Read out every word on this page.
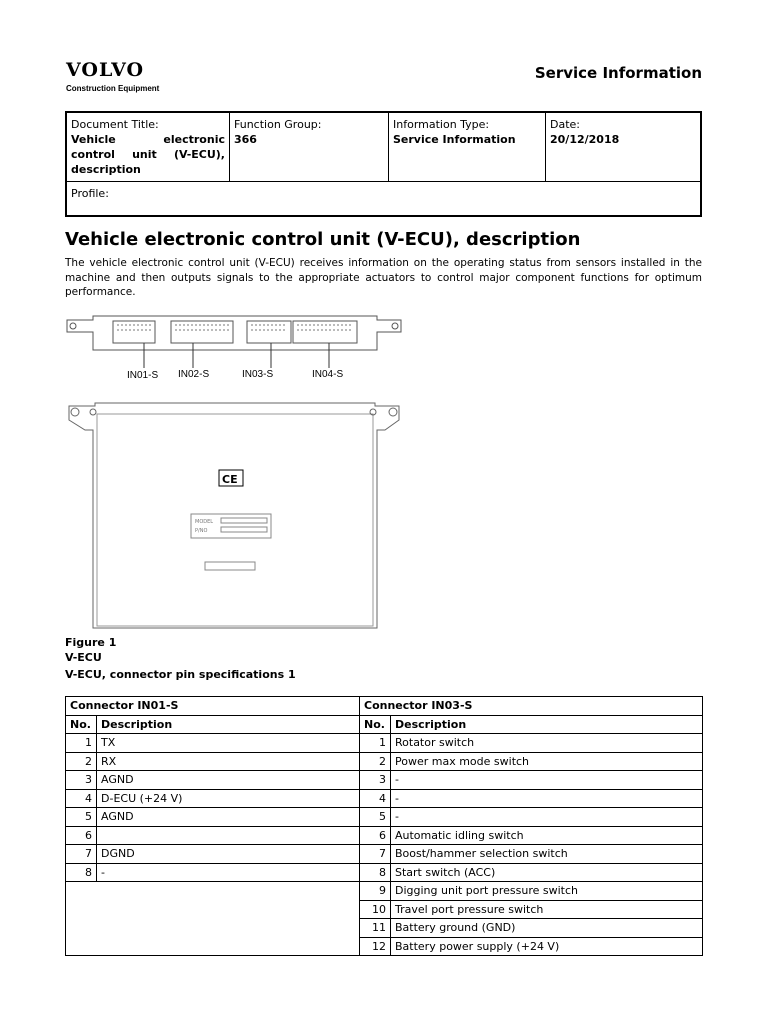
VOLVO
Construction Equipment
Service Information
Document Title:
Vehicle electronic control unit (V-ECU), description

Function Group:
366

Information Type:
Service Information

Date:
20/12/2018

Profile:
Vehicle electronic control unit (V-ECU), description
The vehicle electronic control unit (V-ECU) receives information on the operating status from sensors installed in the machine and then outputs signals to the appropriate actuators to control major component functions for optimum performance.
IN01-S IN02-S	IN03-S	IN04-S
CE
MODEL
P/NO
Figure 1
V-ECU
V-ECU, connector pin specifications 1
Connector IN01-S		Connector IN03-S	
No.	Description	No.	Description
1	TX	1	Rotator switch
2	RX	2	Power max mode switch
3	AGND	3	-
4	D-ECU (+24 V)	4	-
5	AGND	5	-
6		6	Automatic idling switch
7	DGND	7	Boost/hammer selection switch
8	-	8	Start switch (ACC)
		9	Digging unit port pressure switch
		10	Travel port pressure switch
		11	Battery ground (GND)
		12	Battery power supply (+24 V)
